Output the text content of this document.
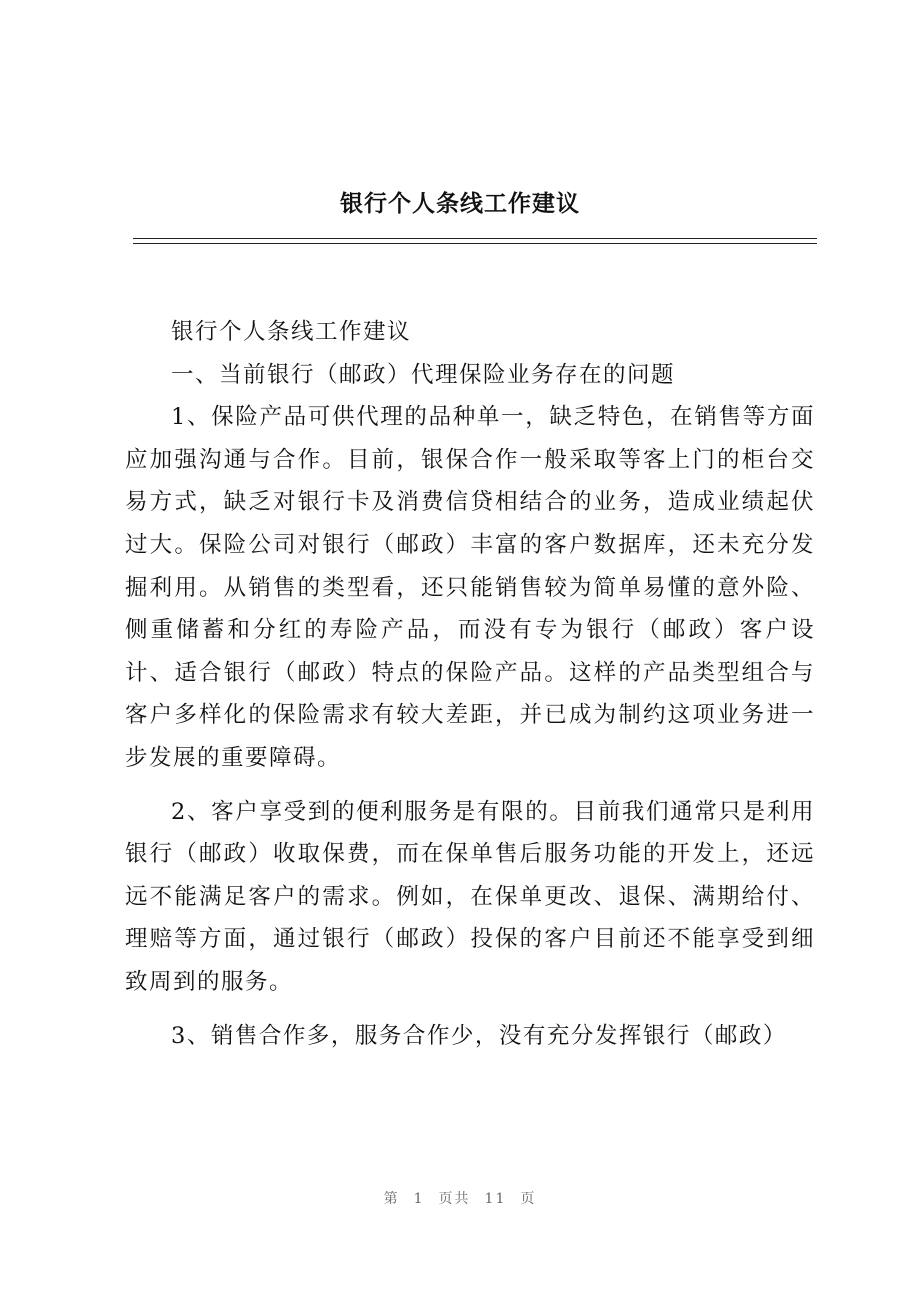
银行个人条线工作建议

银行个人条线工作建议

一、当前银行（邮政）代理保险业务存在的问题

1、保险产品可供代理的品种单一，缺乏特色，在销售等方面应加强沟通与合作。目前，银保合作一般采取等客上门的柜台交易方式，缺乏对银行卡及消费信贷相结合的业务，造成业绩起伏过大。保险公司对银行（邮政）丰富的客户数据库，还未充分发掘利用。从销售的类型看，还只能销售较为简单易懂的意外险、侧重储蓄和分红的寿险产品，而没有专为银行（邮政）客户设计、适合银行（邮政）特点的保险产品。这样的产品类型组合与客户多样化的保险需求有较大差距，并已成为制约这项业务进一步发展的重要障碍。

2、客户享受到的便利服务是有限的。目前我们通常只是利用银行（邮政）收取保费，而在保单售后服务功能的开发上，还远远不能满足客户的需求。例如，在保单更改、退保、满期给付、理赔等方面，通过银行（邮政）投保的客户目前还不能享受到细致周到的服务。

3、销售合作多，服务合作少，没有充分发挥银行（邮政）

第 1 页共 11 页
